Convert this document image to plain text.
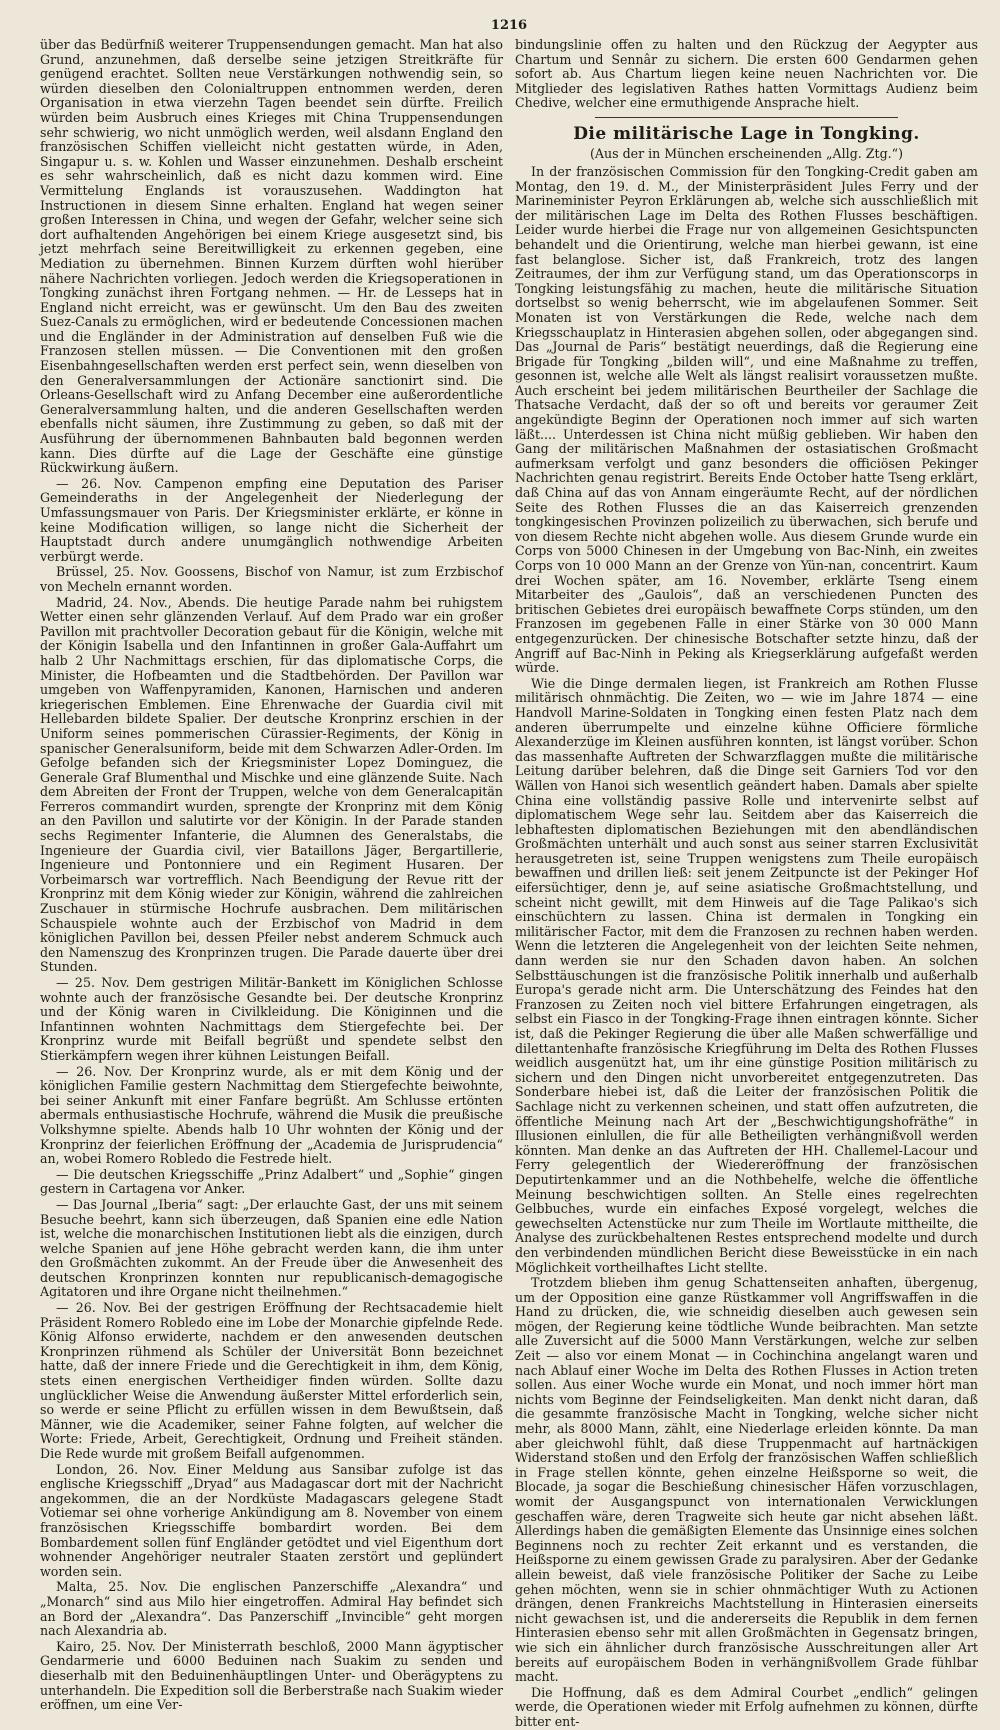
1216

über das Bedürfniß weiterer Truppensendungen gemacht. Man hat also Grund, anzunehmen, daß derselbe seine jetzigen Streitkräfte für genügend erachtet. Sollten neue Verstärkungen nothwendig sein, so würden dieselben den Colonialtruppen entnommen werden, deren Organisation in etwa vierzehn Tagen beendet sein dürfte. Freilich würden beim Ausbruch eines Krieges mit China Truppensendungen sehr schwierig, wo nicht unmöglich werden, weil alsdann England den französischen Schiffen vielleicht nicht gestatten würde, in Aden, Singapur u. s. w. Kohlen und Wasser einzunehmen. Deshalb erscheint es sehr wahrscheinlich, daß es nicht dazu kommen wird. Eine Vermittelung Englands ist vorauszusehen. Waddington hat Instructionen in diesem Sinne erhalten. England hat wegen seiner großen Interessen in China, und wegen der Gefahr, welcher seine sich dort aufhaltenden Angehörigen bei einem Kriege ausgesetzt sind, bis jetzt mehrfach seine Bereitwilligkeit zu erkennen gegeben, eine Mediation zu übernehmen. Binnen Kurzem dürften wohl hierüber nähere Nachrichten vorliegen. Jedoch werden die Kriegsoperationen in Tongking zunächst ihren Fortgang nehmen. — Hr. de Lesseps hat in England nicht erreicht, was er gewünscht. Um den Bau des zweiten Suez-Canals zu ermöglichen, wird er bedeutende Concessionen machen und die Engländer in der Administration auf denselben Fuß wie die Franzosen stellen müssen. — Die Conventionen mit den großen Eisenbahngesellschaften werden erst perfect sein, wenn dieselben von den Generalversammlungen der Actionäre sanctionirt sind. Die Orleans-Gesellschaft wird zu Anfang December eine außerordentliche Generalversammlung halten, und die anderen Gesellschaften werden ebenfalls nicht säumen, ihre Zustimmung zu geben, so daß mit der Ausführung der übernommenen Bahnbauten bald begonnen werden kann. Dies dürfte auf die Lage der Geschäfte eine günstige Rückwirkung äußern.

— 26. Nov. Campenon empfing eine Deputation des Pariser Gemeinderaths in der Angelegenheit der Niederlegung der Umfassungsmauer von Paris. Der Kriegsminister erklärte, er könne in keine Modification willigen, so lange nicht die Sicherheit der Hauptstadt durch andere unumgänglich nothwendige Arbeiten verbürgt werde.

Brüssel, 25. Nov. Goossens, Bischof von Namur, ist zum Erzbischof von Mecheln ernannt worden.

Madrid, 24. Nov., Abends. Die heutige Parade nahm bei ruhigstem Wetter einen sehr glänzenden Verlauf. Auf dem Prado war ein großer Pavillon mit prachtvoller Decoration gebaut für die Königin, welche mit der Königin Isabella und den Infantinnen in großer Gala-Auffahrt um halb 2 Uhr Nachmittags erschien, für das diplomatische Corps, die Minister, die Hofbeamten und die Stadtbehörden. Der Pavillon war umgeben von Waffenpyramiden, Kanonen, Harnischen und anderen kriegerischen Emblemen. Eine Ehrenwache der Guardia civil mit Hellebarden bildete Spalier. Der deutsche Kronprinz erschien in der Uniform seines pommerischen Cürassier-Regiments, der König in spanischer Generalsuniform, beide mit dem Schwarzen Adler-Orden. Im Gefolge befanden sich der Kriegsminister Lopez Dominguez, die Generale Graf Blumenthal und Mischke und eine glänzende Suite. Nach dem Abreiten der Front der Truppen, welche von dem Generalcapitän Ferreros commandirt wurden, sprengte der Kronprinz mit dem König an den Pavillon und salutirte vor der Königin. In der Parade standen sechs Regimenter Infanterie, die Alumnen des Generalstabs, die Ingenieure der Guardia civil, vier Bataillons Jäger, Bergartillerie, Ingenieure und Pontonniere und ein Regiment Husaren. Der Vorbeimarsch war vortrefflich. Nach Beendigung der Revue ritt der Kronprinz mit dem König wieder zur Königin, während die zahlreichen Zuschauer in stürmische Hochrufe ausbrachen. Dem militärischen Schauspiele wohnte auch der Erzbischof von Madrid in dem königlichen Pavillon bei, dessen Pfeiler nebst anderem Schmuck auch den Namenszug des Kronprinzen trugen. Die Parade dauerte über drei Stunden.

— 25. Nov. Dem gestrigen Militär-Bankett im Königlichen Schlosse wohnte auch der französische Gesandte bei. Der deutsche Kronprinz und der König waren in Civilkleidung. Die Königinnen und die Infantinnen wohnten Nachmittags dem Stiergefechte bei. Der Kronprinz wurde mit Beifall begrüßt und spendete selbst den Stierkämpfern wegen ihrer kühnen Leistungen Beifall.

— 26. Nov. Der Kronprinz wurde, als er mit dem König und der königlichen Familie gestern Nachmittag dem Stiergefechte beiwohnte, bei seiner Ankunft mit einer Fanfare begrüßt. Am Schlusse ertönten abermals enthusiastische Hochrufe, während die Musik die preußische Volkshymne spielte. Abends halb 10 Uhr wohnten der König und der Kronprinz der feierlichen Eröffnung der „Academia de Jurisprudencia“ an, wobei Romero Robledo die Festrede hielt.

— Die deutschen Kriegsschiffe „Prinz Adalbert“ und „Sophie“ gingen gestern in Cartagena vor Anker.

— Das Journal „Iberia“ sagt: „Der erlauchte Gast, der uns mit seinem Besuche beehrt, kann sich überzeugen, daß Spanien eine edle Nation ist, welche die monarchischen Institutionen liebt als die einzigen, durch welche Spanien auf jene Höhe gebracht werden kann, die ihm unter den Großmächten zukommt. An der Freude über die Anwesenheit des deutschen Kronprinzen konnten nur republicanisch-demagogische Agitatoren und ihre Organe nicht theilnehmen.“

— 26. Nov. Bei der gestrigen Eröffnung der Rechtsacademie hielt Präsident Romero Robledo eine im Lobe der Monarchie gipfelnde Rede. König Alfonso erwiderte, nachdem er den anwesenden deutschen Kronprinzen rühmend als Schüler der Universität Bonn bezeichnet hatte, daß der innere Friede und die Gerechtigkeit in ihm, dem König, stets einen energischen Vertheidiger finden würden. Sollte dazu unglücklicher Weise die Anwendung äußerster Mittel erforderlich sein, so werde er seine Pflicht zu erfüllen wissen in dem Bewußtsein, daß Männer, wie die Academiker, seiner Fahne folgten, auf welcher die Worte: Friede, Arbeit, Gerechtigkeit, Ordnung und Freiheit ständen. Die Rede wurde mit großem Beifall aufgenommen.

London, 26. Nov. Einer Meldung aus Sansibar zufolge ist das englische Kriegsschiff „Dryad“ aus Madagascar dort mit der Nachricht angekommen, die an der Nordküste Madagascars gelegene Stadt Votiemar sei ohne vorherige Ankündigung am 8. November von einem französischen Kriegsschiffe bombardirt worden. Bei dem Bombardement sollen fünf Engländer getödtet und viel Eigenthum dort wohnender Angehöriger neutraler Staaten zerstört und geplündert worden sein.

Malta, 25. Nov. Die englischen Panzerschiffe „Alexandra“ und „Monarch“ sind aus Milo hier eingetroffen. Admiral Hay befindet sich an Bord der „Alexandra“. Das Panzerschiff „Invincible“ geht morgen nach Alexandria ab.

Kairo, 25. Nov. Der Ministerrath beschloß, 2000 Mann ägyptischer Gendarmerie und 6000 Beduinen nach Suakim zu senden und dieserhalb mit den Beduinenhäuptlingen Unter- und Oberägyptens zu unterhandeln. Die Expedition soll die Berberstraße nach Suakim wieder eröffnen, um eine Ver-

bindungslinie offen zu halten und den Rückzug der Aegypter aus Chartum und Sennâr zu sichern. Die ersten 600 Gendarmen gehen sofort ab. Aus Chartum liegen keine neuen Nachrichten vor. Die Mitglieder des legislativen Rathes hatten Vormittags Audienz beim Chedive, welcher eine ermuthigende Ansprache hielt.

Die militärische Lage in Tongking.
(Aus der in München erscheinenden „Allg. Ztg.“)

In der französischen Commission für den Tongking-Credit gaben am Montag, den 19. d. M., der Ministerpräsident Jules Ferry und der Marineminister Peyron Erklärungen ab, welche sich ausschließlich mit der militärischen Lage im Delta des Rothen Flusses beschäftigen. Leider wurde hierbei die Frage nur von allgemeinen Gesichtspuncten behandelt und die Orientirung, welche man hierbei gewann, ist eine fast belanglose. Sicher ist, daß Frankreich, trotz des langen Zeitraumes, der ihm zur Verfügung stand, um das Operationscorps in Tongking leistungsfähig zu machen, heute die militärische Situation dortselbst so wenig beherrscht, wie im abgelaufenen Sommer. Seit Monaten ist von Verstärkungen die Rede, welche nach dem Kriegsschauplatz in Hinterasien abgehen sollen, oder abgegangen sind. Das „Journal de Paris“ bestätigt neuerdings, daß die Regierung eine Brigade für Tongking „bilden will“, und eine Maßnahme zu treffen, gesonnen ist, welche alle Welt als längst realisirt voraussetzen mußte. Auch erscheint bei jedem militärischen Beurtheiler der Sachlage die Thatsache Verdacht, daß der so oft und bereits vor geraumer Zeit angekündigte Beginn der Operationen noch immer auf sich warten läßt.... Unterdessen ist China nicht müßig geblieben. Wir haben den Gang der militärischen Maßnahmen der ostasiatischen Großmacht aufmerksam verfolgt und ganz besonders die officiösen Pekinger Nachrichten genau registrirt. Bereits Ende October hatte Tseng erklärt, daß China auf das von Annam eingeräumte Recht, auf der nördlichen Seite des Rothen Flusses die an das Kaiserreich grenzenden tongkingesischen Provinzen polizeilich zu überwachen, sich berufe und von diesem Rechte nicht abgehen wolle. Aus diesem Grunde wurde ein Corps von 5000 Chinesen in der Umgebung von Bac-Ninh, ein zweites Corps von 10 000 Mann an der Grenze von Yün-nan, concentrirt. Kaum drei Wochen später, am 16. November, erklärte Tseng einem Mitarbeiter des „Gaulois“, daß an verschiedenen Puncten des britischen Gebietes drei europäisch bewaffnete Corps stünden, um den Franzosen im gegebenen Falle in einer Stärke von 30 000 Mann entgegenzurücken. Der chinesische Botschafter setzte hinzu, daß der Angriff auf Bac-Ninh in Peking als Kriegserklärung aufgefaßt werden würde.

Wie die Dinge dermalen liegen, ist Frankreich am Rothen Flusse militärisch ohnmächtig. Die Zeiten, wo — wie im Jahre 1874 — eine Handvoll Marine-Soldaten in Tongking einen festen Platz nach dem anderen überrumpelte und einzelne kühne Officiere förmliche Alexanderzüge im Kleinen ausführen konnten, ist längst vorüber. Schon das massenhafte Auftreten der Schwarzflaggen mußte die militärische Leitung darüber belehren, daß die Dinge seit Garniers Tod vor den Wällen von Hanoi sich wesentlich geändert haben. Damals aber spielte China eine vollständig passive Rolle und intervenirte selbst auf diplomatischem Wege sehr lau. Seitdem aber das Kaiserreich die lebhaftesten diplomatischen Beziehungen mit den abendländischen Großmächten unterhält und auch sonst aus seiner starren Exclusivität herausgetreten ist, seine Truppen wenigstens zum Theile europäisch bewaffnen und drillen ließ: seit jenem Zeitpuncte ist der Pekinger Hof eifersüchtiger, denn je, auf seine asiatische Großmachtstellung, und scheint nicht gewillt, mit dem Hinweis auf die Tage Palikao's sich einschüchtern zu lassen. China ist dermalen in Tongking ein militärischer Factor, mit dem die Franzosen zu rechnen haben werden. Wenn die letzteren die Angelegenheit von der leichten Seite nehmen, dann werden sie nur den Schaden davon haben. An solchen Selbsttäuschungen ist die französische Politik innerhalb und außerhalb Europa's gerade nicht arm. Die Unterschätzung des Feindes hat den Franzosen zu Zeiten noch viel bittere Erfahrungen eingetragen, als selbst ein Fiasco in der Tongking-Frage ihnen eintragen könnte. Sicher ist, daß die Pekinger Regierung die über alle Maßen schwerfällige und dilettantenhafte französische Kriegführung im Delta des Rothen Flusses weidlich ausgenützt hat, um ihr eine günstige Position militärisch zu sichern und den Dingen nicht unvorbereitet entgegenzutreten. Das Sonderbare hiebei ist, daß die Leiter der französischen Politik die Sachlage nicht zu verkennen scheinen, und statt offen aufzutreten, die öffentliche Meinung nach Art der „Beschwichtigungshofräthe“ in Illusionen einlullen, die für alle Betheiligten verhängnißvoll werden könnten. Man denke an das Auftreten der HH. Challemel-Lacour und Ferry gelegentlich der Wiedereröffnung der französischen Deputirtenkammer und an die Nothbehelfe, welche die öffentliche Meinung beschwichtigen sollten. An Stelle eines regelrechten Gelbbuches, wurde ein einfaches Exposé vorgelegt, welches die gewechselten Actenstücke nur zum Theile im Wortlaute mittheilte, die Analyse des zurückbehaltenen Restes entsprechend modelte und durch den verbindenden mündlichen Bericht diese Beweisstücke in ein nach Möglichkeit vortheilhaftes Licht stellte.

Trotzdem blieben ihm genug Schattenseiten anhaften, übergenug, um der Opposition eine ganze Rüstkammer voll Angriffswaffen in die Hand zu drücken, die, wie schneidig dieselben auch gewesen sein mögen, der Regierung keine tödtliche Wunde beibrachten. Man setzte alle Zuversicht auf die 5000 Mann Verstärkungen, welche zur selben Zeit — also vor einem Monat — in Cochinchina angelangt waren und nach Ablauf einer Woche im Delta des Rothen Flusses in Action treten sollen. Aus einer Woche wurde ein Monat, und noch immer hört man nichts vom Beginne der Feindseligkeiten. Man denkt nicht daran, daß die gesammte französische Macht in Tongking, welche sicher nicht mehr, als 8000 Mann, zählt, eine Niederlage erleiden könnte. Da man aber gleichwohl fühlt, daß diese Truppenmacht auf hartnäckigen Widerstand stoßen und den Erfolg der französischen Waffen schließlich in Frage stellen könnte, gehen einzelne Heißsporne so weit, die Blocade, ja sogar die Beschießung chinesischer Häfen vorzuschlagen, womit der Ausgangspunct von internationalen Verwicklungen geschaffen wäre, deren Tragweite sich heute gar nicht absehen läßt. Allerdings haben die gemäßigten Elemente das Unsinnige eines solchen Beginnens noch zu rechter Zeit erkannt und es verstanden, die Heißsporne zu einem gewissen Grade zu paralysiren. Aber der Gedanke allein beweist, daß viele französische Politiker der Sache zu Leibe gehen möchten, wenn sie in schier ohnmächtiger Wuth zu Actionen drängen, denen Frankreichs Machtstellung in Hinterasien einerseits nicht gewachsen ist, und die andererseits die Republik in dem fernen Hinterasien ebenso sehr mit allen Großmächten in Gegensatz bringen, wie sich ein ähnlicher durch französische Ausschreitungen aller Art bereits auf europäischem Boden in verhängnißvollem Grade fühlbar macht.

Die Hoffnung, daß es dem Admiral Courbet „endlich“ gelingen werde, die Operationen wieder mit Erfolg aufnehmen zu können, dürfte bitter ent-
